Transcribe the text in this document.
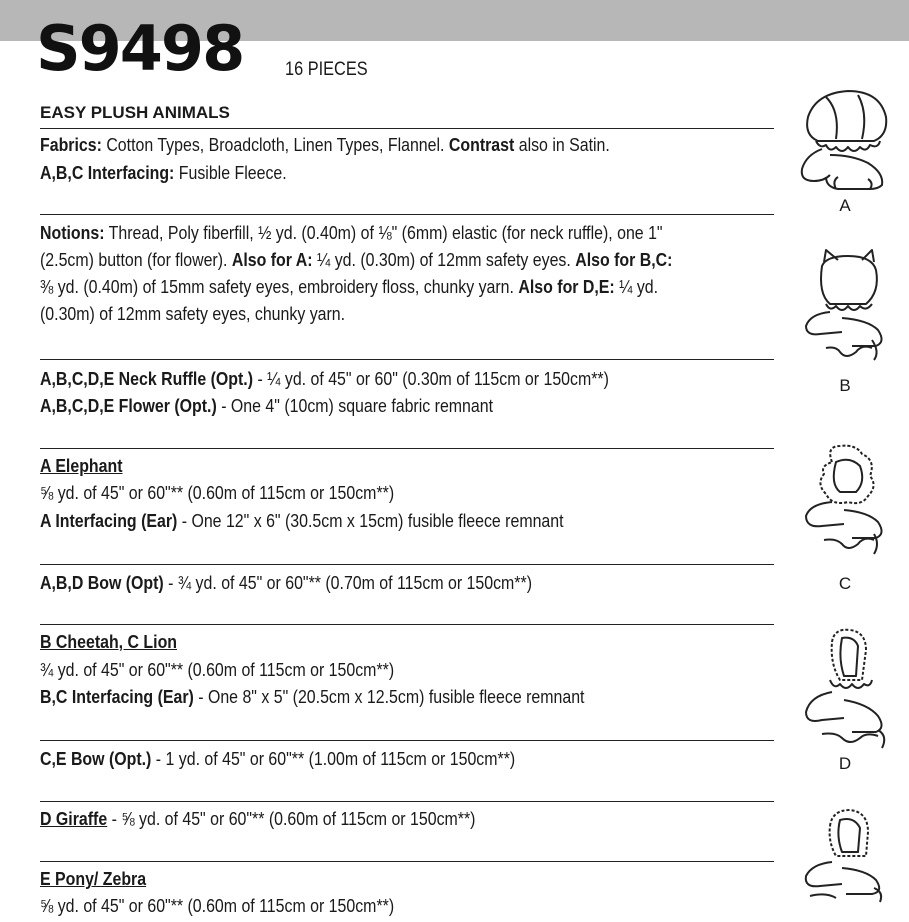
S9498 16 PIECES
EASY PLUSH ANIMALS
Fabrics: Cotton Types, Broadcloth, Linen Types, Flannel. Contrast also in Satin.
A,B,C Interfacing: Fusible Fleece.
Notions: Thread, Poly fiberfill, ½ yd. (0.40m) of ⅛" (6mm) elastic (for neck ruffle), one 1"
(2.5cm) button (for flower). Also for A: ¼ yd. (0.30m) of 12mm safety eyes. Also for B,C:
⅜ yd. (0.40m) of 15mm safety eyes, embroidery floss, chunky yarn. Also for D,E: ¼ yd.
(0.30m) of 12mm safety eyes, chunky yarn.
A,B,C,D,E Neck Ruffle (Opt.) - ¼ yd. of 45" or 60" (0.30m of 115cm or 150cm**)
A,B,C,D,E Flower (Opt.) - One 4" (10cm) square fabric remnant
A Elephant
⅝ yd. of 45" or 60"** (0.60m of 115cm or 150cm**)
A Interfacing (Ear) - One 12" x 6" (30.5cm x 15cm) fusible fleece remnant
A,B,D Bow (Opt) - ¾ yd. of 45" or 60"** (0.70m of 115cm or 150cm**)
B Cheetah, C Lion
¾ yd. of 45" or 60"** (0.60m of 115cm or 150cm**)
B,C Interfacing (Ear) - One 8" x 5" (20.5cm x 12.5cm) fusible fleece remnant
C,E Bow (Opt.) - 1 yd. of 45" or 60"** (1.00m of 115cm or 150cm**)
D Giraffe - ⅝ yd. of 45" or 60"** (0.60m of 115cm or 150cm**)
E Pony/ Zebra
⅝ yd. of 45" or 60"** (0.60m of 115cm or 150cm**)
A
B
C
D
